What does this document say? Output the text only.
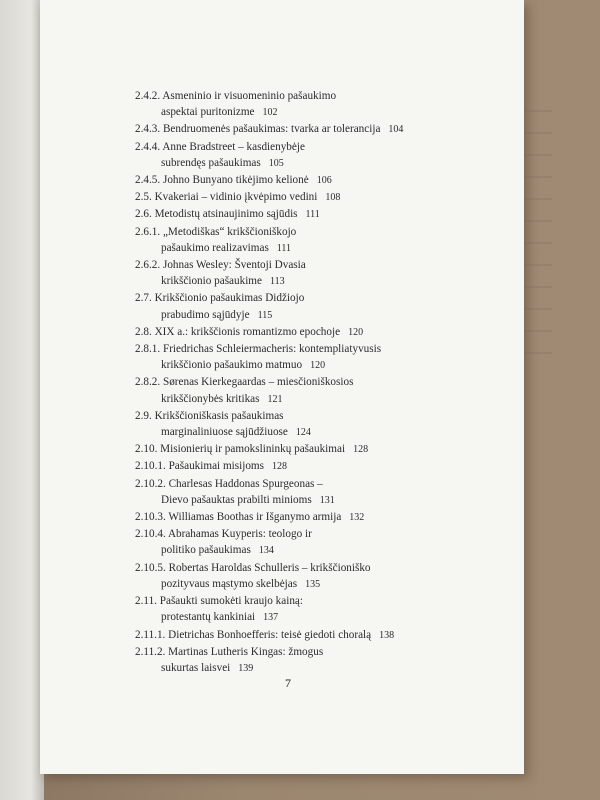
2.4.2. Asmeninio ir visuomeninio pašaukimo
aspektai puritonizme 102
2.4.3. Bendruomenės pašaukimas: tvarka ar tolerancija 104
2.4.4. Anne Bradstreet – kasdienybėje
subrendęs pašaukimas 105
2.4.5. Johno Bunyano tikėjimo kelionė 106
2.5. Kvakeriai – vidinio įkvėpimo vedini 108
2.6. Metodistų atsinaujinimo sąjūdis 111
2.6.1. „Metodiškas“ krikščioniškojo
pašaukimo realizavimas 111
2.6.2. Johnas Wesley: Šventoji Dvasia
krikščionio pašaukime 113
2.7. Krikščionio pašaukimas Didžiojo
prabudimo sąjūdyje 115
2.8. XIX a.: krikščionis romantizmo epochoje 120
2.8.1. Friedrichas Schleiermacheris: kontempliatyvusis
krikščionio pašaukimo matmuo 120
2.8.2. Sørenas Kierkegaardas – miesčioniškosios
krikščionybės kritikas 121
2.9. Krikščioniškasis pašaukimas
marginaliniuose sąjūdžiuose 124
2.10. Misionierių ir pamokslininkų pašaukimai 128
2.10.1. Pašaukimai misijoms 128
2.10.2. Charlesas Haddonas Spurgeonas –
Dievo pašauktas prabilti minioms 131
2.10.3. Williamas Boothas ir Išganymo armija 132
2.10.4. Abrahamas Kuyperis: teologo ir
politiko pašaukimas 134
2.10.5. Robertas Haroldas Schulleris – krikščioniško
pozityvaus mąstymo skelbėjas 135
2.11. Pašaukti sumokėti kraujo kainą:
protestantų kankiniai 137
2.11.1. Dietrichas Bonhoefferis: teisė giedoti choralą 138
2.11.2. Martinas Lutheris Kingas: žmogus
sukurtas laisvei 139
7
